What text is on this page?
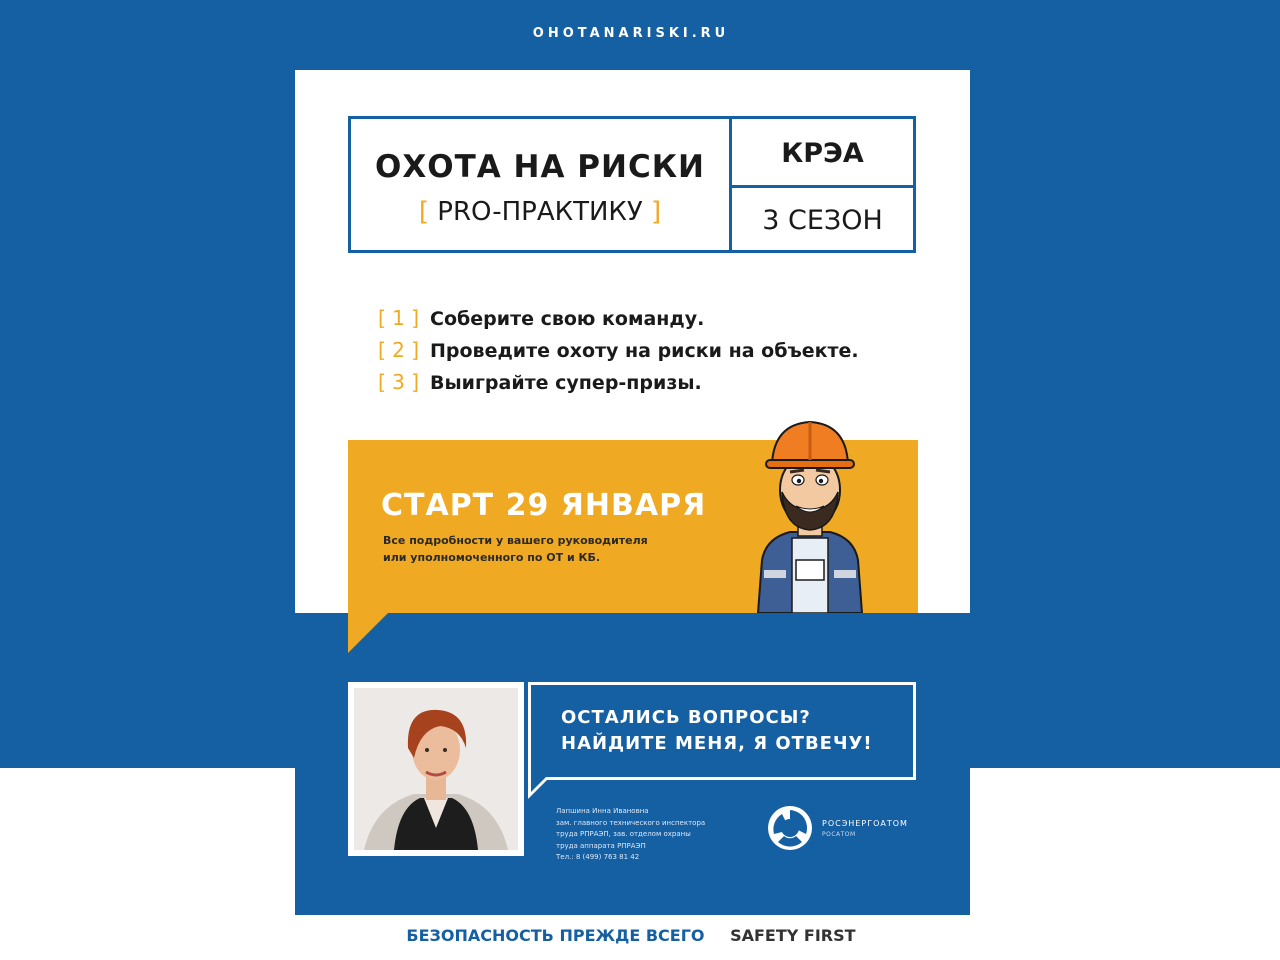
OHOTANARISKI.RU
ОХОТА НА РИСКИ
[ PRO-ПРАКТИКУ ]
КРЭА
3 СЕЗОН
[ 1 ] Соберите свою команду.
[ 2 ] Проведите охоту на риски на объекте.
[ 3 ] Выиграйте супер-призы.
СТАРТ 29 ЯНВАРЯ
Все подробности у вашего руководителя
или уполномоченного по ОТ и КБ.
ОСТАЛИСЬ ВОПРОСЫ?
НАЙДИТЕ МЕНЯ, Я ОТВЕЧУ!
Лапшина Инна Ивановна
зам. главного технического инспектора
труда РПРАЭП, зав. отделом охраны
труда аппарата РПРАЭП
Тел.: 8 (499) 763 81 42
РОСЭНЕРГОАТОМ
РОСАТОМ
БЕЗОПАСНОСТЬ ПРЕЖДЕ ВСЕГО SAFETY FIRST
